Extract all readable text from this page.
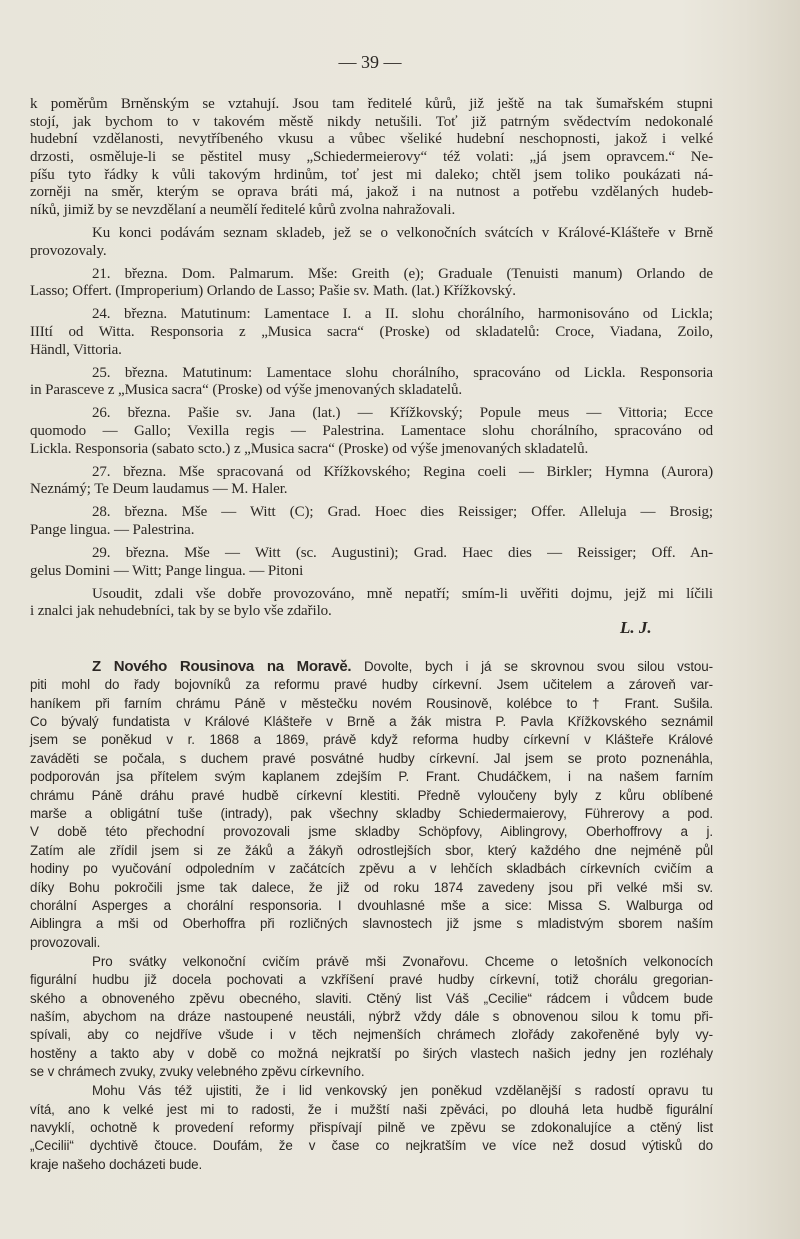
— 39 —
k poměrům Brněnským se vztahují. Jsou tam ředitelé kůrů, již ještě na tak šumařském stupni
stojí, jak bychom to v takovém městě nikdy netušili. Toť již patrným svědectvím nedokonalé
hudební vzdělanosti, nevytříbeného vkusu a vůbec všeliké hudební neschopnosti, jakož i velké
drzosti, osměluje-li se pěstitel musy „Schiedermeierovy“ též volati: „já jsem opravcem.“ Ne-
píšu tyto řádky k vůli takovým hrdinům, toť jest mi daleko; chtěl jsem toliko poukázati ná-
zorněji na směr, kterým se oprava bráti má, jakož i na nutnost a potřebu vzdělaných hudeb-
níků, jimiž by se nevzdělaní a neumělí ředitelé kůrů zvolna nahražovali.
Ku konci podávám seznam skladeb, jež se o velkonočních svátcích v Králové-Klášteře v Brně
provozovaly.
21. března. Dom. Palmarum. Mše: Greith (e); Graduale (Tenuisti manum) Orlando de
Lasso; Offert. (Improperium) Orlando de Lasso; Pašie sv. Math. (lat.) Křížkovský.
24. března. Matutinum: Lamentace I. a II. slohu chorálního, harmonisováno od Lickla;
IIItí od Witta. Responsoria z „Musica sacra“ (Proske) od skladatelů: Croce, Viadana, Zoilo,
Händl, Vittoria.
25. března. Matutinum: Lamentace slohu chorálního, spracováno od Lickla. Responsoria
in Parasceve z „Musica sacra“ (Proske) od výše jmenovaných skladatelů.
26. března. Pašie sv. Jana (lat.) — Křížkovský; Popule meus — Vittoria; Ecce
quomodo — Gallo; Vexilla regis — Palestrina. Lamentace slohu chorálního, spracováno od
Lickla. Responsoria (sabato scto.) z „Musica sacra“ (Proske) od výše jmenovaných skladatelů.
27. března. Mše spracovaná od Křížkovského; Regina coeli — Birkler; Hymna (Aurora)
Neznámý; Te Deum laudamus — M. Haler.
28. března. Mše — Witt (C); Grad. Hoec dies Reissiger; Offer. Alleluja — Brosig;
Pange lingua. — Palestrina.
29. března. Mše — Witt (sc. Augustini); Grad. Haec dies — Reissiger; Off. An-
gelus Domini — Witt; Pange lingua. — Pitoni
Usoudit, zdali vše dobře provozováno, mně nepatří; smím-li uvěřiti dojmu, jejž mi líčili
i znalci jak nehudebníci, tak by se bylo vše zdařilo.
L. J.
Z Nového Rousinova na Moravě. Dovolte, bych i já se skrovnou svou silou vstou-
piti mohl do řady bojovníků za reformu pravé hudby církevní. Jsem učitelem a zároveň var-
haníkem při farním chrámu Páně v městečku novém Rousinově, kolébce to † Frant. Sušila.
Co bývalý fundatista v Králové Klášteře v Brně a žák mistra P. Pavla Křížkovského seznámil
jsem se poněkud v r. 1868 a 1869, právě když reforma hudby církevní v Klášteře Králové
zaváděti se počala, s duchem pravé posvátné hudby církevní. Jal jsem se proto poznenáhla,
podporován jsa přítelem svým kaplanem zdejším P. Frant. Chudáčkem, i na našem farním
chrámu Páně dráhu pravé hudbě církevní klestiti. Předně vyloučeny byly z kůru oblíbené
marše a obligátní tuše (intrady), pak všechny skladby Schiedermaierovy, Führerovy a pod.
V době této přechodní provozovali jsme skladby Schöpfovy, Aiblingrovy, Oberhoffrovy a j.
Zatím ale zřídil jsem si ze žáků a žákyň odrostlejších sbor, který každého dne nejméně půl
hodiny po vyučování odpoledním v začátcích zpěvu a v lehčích skladbách církevních cvičím a
díky Bohu pokročili jsme tak dalece, že již od roku 1874 zavedeny jsou při velké mši sv.
chorální Asperges a chorální responsoria. I dvouhlasné mše a sice: Missa S. Walburga od
Aiblingra a mši od Oberhoffra při rozličných slavnostech již jsme s mladistvým sborem naším
provozovali.
Pro svátky velkonoční cvičím právě mši Zvonařovu. Chceme o letošních velkonocích
figurální hudbu již docela pochovati a vzkříšení pravé hudby církevní, totiž chorálu gregorian-
ského a obnoveného zpěvu obecného, slaviti. Ctěný list Váš „Cecilie“ rádcem i vůdcem bude
naším, abychom na dráze nastoupené neustáli, nýbrž vždy dále s obnovenou silou k tomu při-
spívali, aby co nejdříve všude i v těch nejmenších chrámech zlořády zakořeněné byly vy-
hostěny a takto aby v době co možná nejkratší po širých vlastech našich jedny jen rozléhaly
se v chrámech zvuky, zvuky velebného zpěvu církevního.
Mohu Vás též ujistiti, že i lid venkovský jen poněkud vzdělanější s radostí opravu tu
vítá, ano k velké jest mi to radosti, že i mužští naši zpěváci, po dlouhá leta hudbě figurální
navyklí, ochotně k provedení reformy přispívají pilně ve zpěvu se zdokonalujíce a ctěný list
„Cecilii“ dychtivě čtouce. Doufám, že v čase co nejkratším ve více než dosud výtisků do
kraje našeho docházeti bude.
